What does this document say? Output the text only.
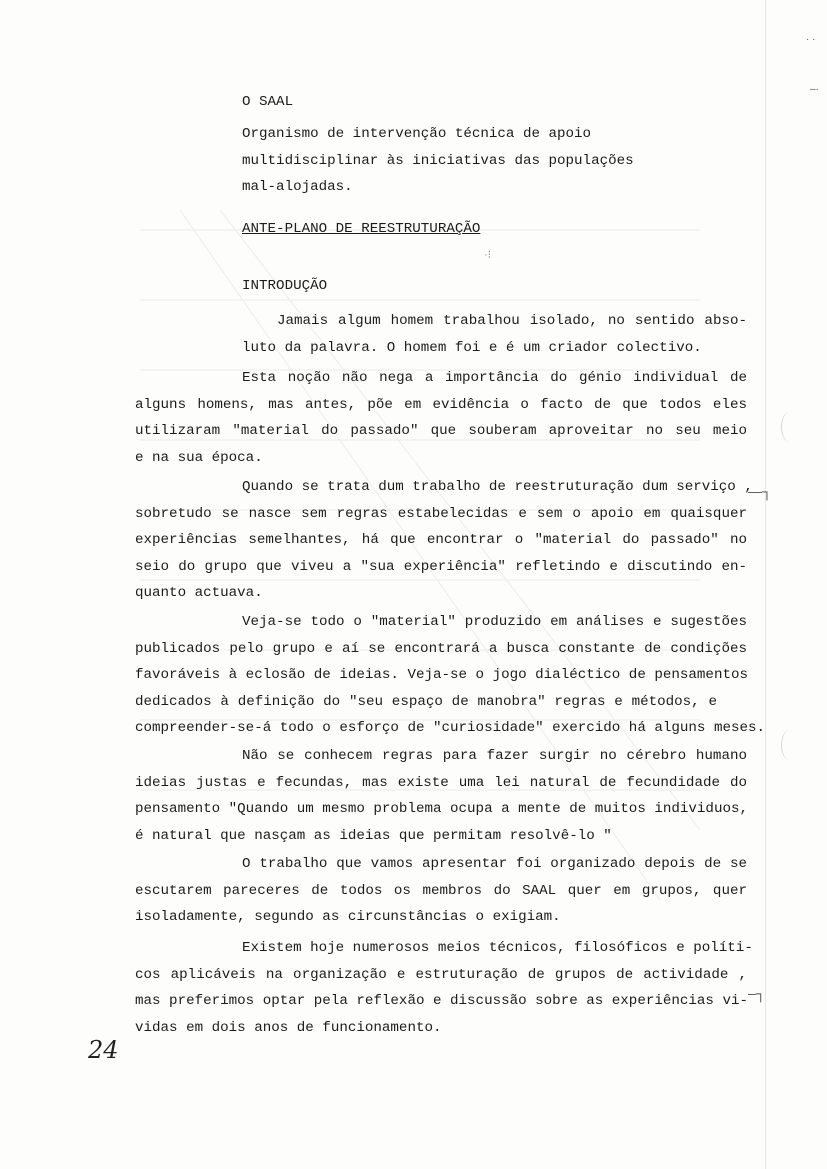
· ·
–·
—┐
–┐
·⁝
O SAAL
Organismo de intervenção técnica de apoio
multidisciplinar às iniciativas das populações
mal-alojadas.
ANTE-PLANO DE REESTRUTURAÇÃO
INTRODUÇÃO
Jamais algum homem trabalhou isolado, no sentido abso-
luto da palavra. O homem foi e é um criador colectivo.
Esta noção não nega a importância do génio individual de
alguns homens, mas antes, põe em evidência o facto de que todos eles
utilizaram "material do passado" que souberam aproveitar no seu meio
e na sua época.
Quando se trata dum trabalho de reestruturação dum serviço ,
sobretudo se nasce sem regras estabelecidas e sem o apoio em quaisquer
experiências semelhantes, há que encontrar o "material do passado" no
seio do grupo que viveu a "sua experiência" refletindo e discutindo en-
quanto actuava.
Veja-se todo o "material" produzido em análises e sugestões
publicados pelo grupo e aí se encontrará a busca constante de condições
favoráveis à eclosão de ideias. Veja-se o jogo dialéctico de pensamentos
dedicados à definição do "seu espaço de manobra" regras e métodos, e
compreender-se-á todo o esforço de "curiosidade" exercido há alguns meses.
Não se conhecem regras para fazer surgir no cérebro humano
ideias justas e fecundas, mas existe uma lei natural de fecundidade do
pensamento "Quando um mesmo problema ocupa a mente de muitos individuos,
é natural que nasçam as ideias que permitam resolvê-lo "
O trabalho que vamos apresentar foi organizado depois de se
escutarem pareceres de todos os membros do SAAL quer em grupos, quer
isoladamente, segundo as circunstâncias o exigiam.
Existem hoje numerosos meios técnicos, filosóficos e políti-
cos aplicáveis na organização e estruturação de grupos de actividade ,
mas preferimos optar pela reflexão e discussão sobre as experiências vi-
vidas em dois anos de funcionamento.
24
